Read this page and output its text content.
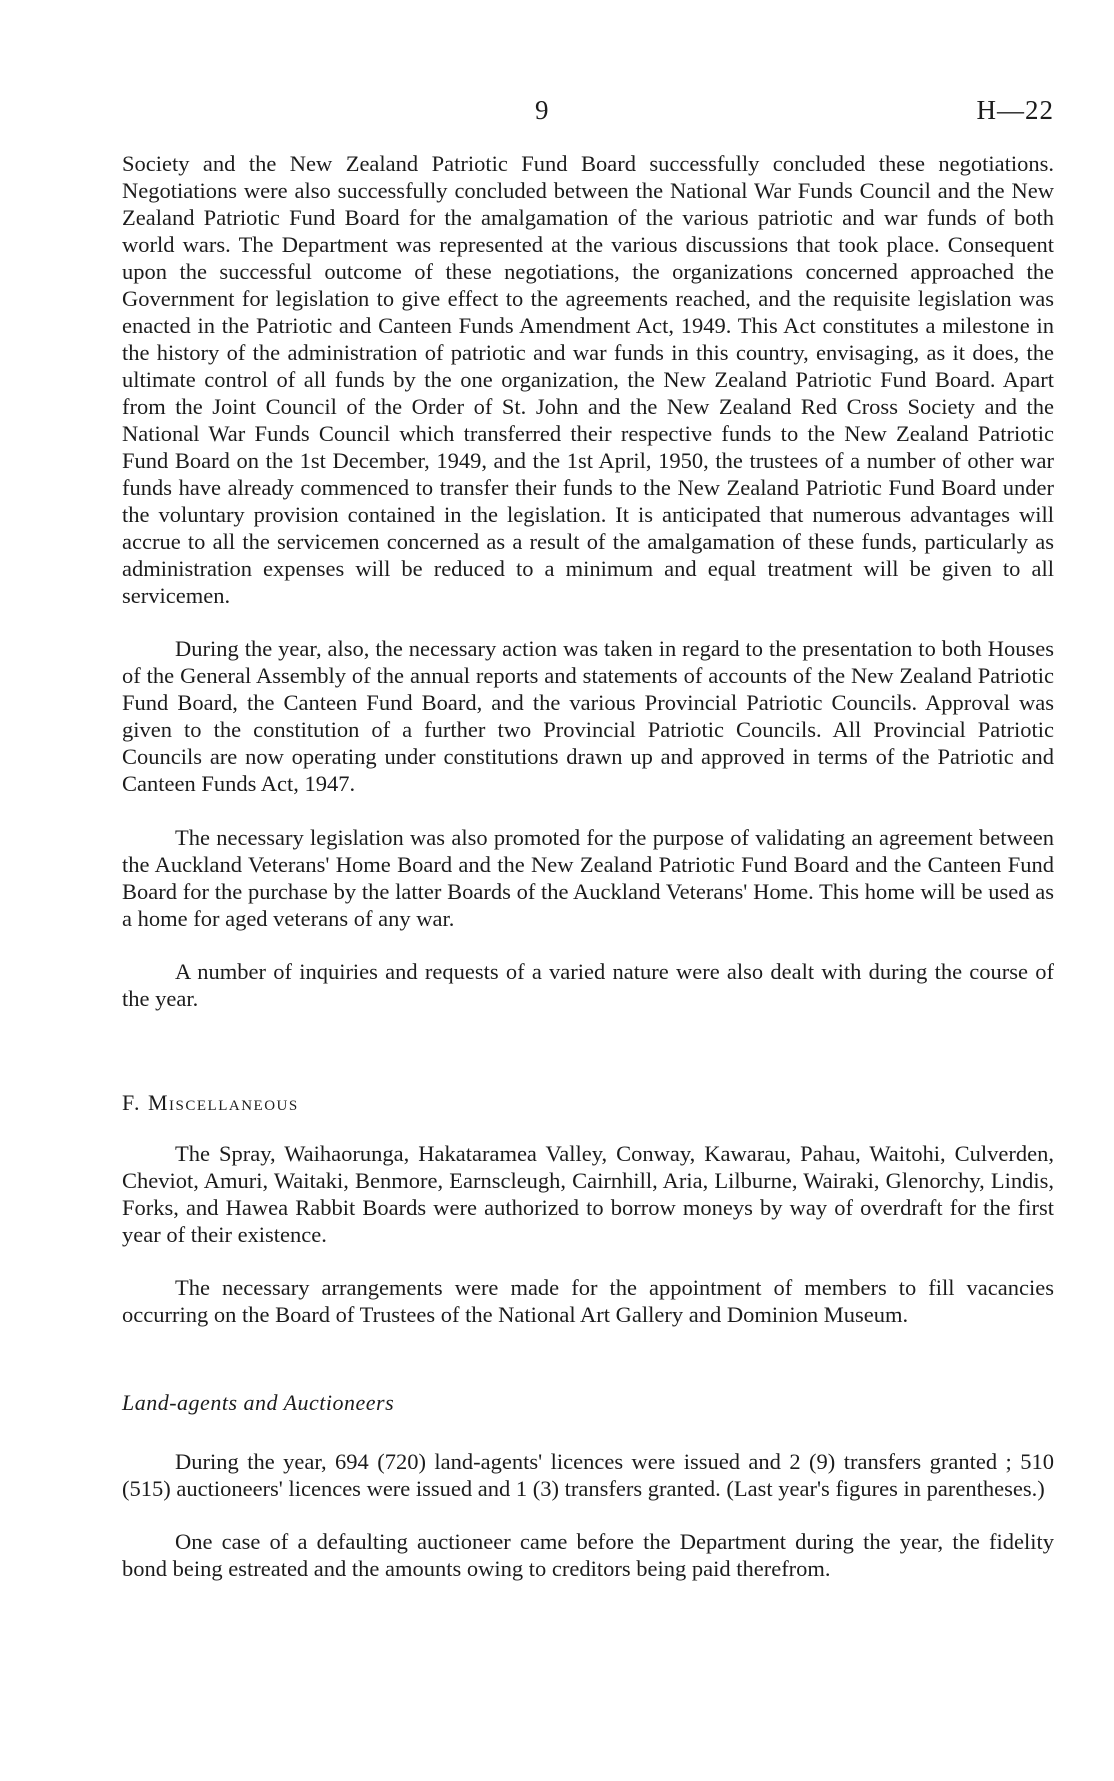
9	H—22

Society and the New Zealand Patriotic Fund Board successfully concluded these negotiations. Negotiations were also successfully concluded between the National War Funds Council and the New Zealand Patriotic Fund Board for the amalgamation of the various patriotic and war funds of both world wars. The Department was represented at the various discussions that took place. Consequent upon the successful outcome of these negotiations, the organizations concerned approached the Government for legislation to give effect to the agreements reached, and the requisite legislation was enacted in the Patriotic and Canteen Funds Amendment Act, 1949. This Act constitutes a milestone in the history of the administration of patriotic and war funds in this country, envisaging, as it does, the ultimate control of all funds by the one organization, the New Zealand Patriotic Fund Board. Apart from the Joint Council of the Order of St. John and the New Zealand Red Cross Society and the National War Funds Council which transferred their respective funds to the New Zealand Patriotic Fund Board on the 1st December, 1949, and the 1st April, 1950, the trustees of a number of other war funds have already commenced to transfer their funds to the New Zealand Patriotic Fund Board under the voluntary provision contained in the legislation. It is anticipated that numerous advantages will accrue to all the servicemen concerned as a result of the amalgamation of these funds, particularly as administration expenses will be reduced to a minimum and equal treatment will be given to all servicemen.

During the year, also, the necessary action was taken in regard to the presentation to both Houses of the General Assembly of the annual reports and statements of accounts of the New Zealand Patriotic Fund Board, the Canteen Fund Board, and the various Provincial Patriotic Councils. Approval was given to the constitution of a further two Provincial Patriotic Councils. All Provincial Patriotic Councils are now operating under constitutions drawn up and approved in terms of the Patriotic and Canteen Funds Act, 1947.

The necessary legislation was also promoted for the purpose of validating an agreement between the Auckland Veterans' Home Board and the New Zealand Patriotic Fund Board and the Canteen Fund Board for the purchase by the latter Boards of the Auckland Veterans' Home. This home will be used as a home for aged veterans of any war.

A number of inquiries and requests of a varied nature were also dealt with during the course of the year.

F. Miscellaneous

The Spray, Waihaorunga, Hakataramea Valley, Conway, Kawarau, Pahau, Waitohi, Culverden, Cheviot, Amuri, Waitaki, Benmore, Earnscleugh, Cairnhill, Aria, Lilburne, Wairaki, Glenorchy, Lindis, Forks, and Hawea Rabbit Boards were authorized to borrow moneys by way of overdraft for the first year of their existence.

The necessary arrangements were made for the appointment of members to fill vacancies occurring on the Board of Trustees of the National Art Gallery and Dominion Museum.

Land-agents and Auctioneers

During the year, 694 (720) land-agents' licences were issued and 2 (9) transfers granted ; 510 (515) auctioneers' licences were issued and 1 (3) transfers granted. (Last year's figures in parentheses.)

One case of a defaulting auctioneer came before the Department during the year, the fidelity bond being estreated and the amounts owing to creditors being paid therefrom.
